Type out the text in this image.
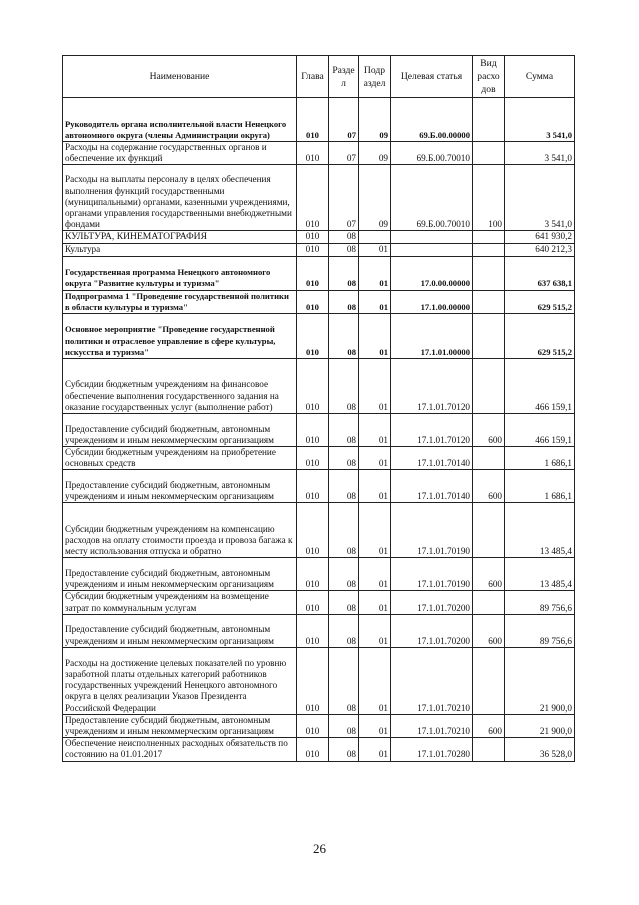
Наименование	Глава	Разде л	Подр аздел	Целевая статья	Вид расхо дов	Сумма
Руководитель органа исполнительной власти Ненецкого автономного округа (члены Администрации округа)	010	07	09	69.Б.00.00000		3 541,0
Расходы на содержание государственных органов и обеспечение их функций	010	07	09	69.Б.00.70010		3 541,0
Расходы на выплаты персоналу в целях обеспечения выполнения функций государственными (муниципальными) органами, казенными учреждениями, органами управления государственными внебюджетными фондами	010	07	09	69.Б.00.70010	100	3 541,0
КУЛЬТУРА, КИНЕМАТОГРАФИЯ	010	08				641 930,2
Культура	010	08	01			640 212,3
Государственная программа Ненецкого автономного округа "Развитие культуры и туризма"	010	08	01	17.0.00.00000		637 638,1
Подпрограмма 1 "Проведение государственной политики в области культуры и туризма"	010	08	01	17.1.00.00000		629 515,2
Основное мероприятие "Проведение государственной политики и отраслевое управление в сфере культуры, искусства и туризма"	010	08	01	17.1.01.00000		629 515,2
Субсидии бюджетным учреждениям на финансовое обеспечение выполнения государственного задания на оказание государственных услуг (выполнение работ)	010	08	01	17.1.01.70120		466 159,1
Предоставление субсидий бюджетным, автономным учреждениям и иным некоммерческим организациям	010	08	01	17.1.01.70120	600	466 159,1
Субсидии бюджетным учреждениям на приобретение основных средств	010	08	01	17.1.01.70140		1 686,1
Предоставление субсидий бюджетным, автономным учреждениям и иным некоммерческим организациям	010	08	01	17.1.01.70140	600	1 686,1
Субсидии бюджетным учреждениям на компенсацию расходов на оплату стоимости проезда и провоза багажа к месту использования отпуска и обратно	010	08	01	17.1.01.70190		13 485,4
Предоставление субсидий бюджетным, автономным учреждениям и иным некоммерческим организациям	010	08	01	17.1.01.70190	600	13 485,4
Субсидии бюджетным учреждениям на возмещение затрат по коммунальным услугам	010	08	01	17.1.01.70200		89 756,6
Предоставление субсидий бюджетным, автономным учреждениям и иным некоммерческим организациям	010	08	01	17.1.01.70200	600	89 756,6
Расходы на достижение целевых показателей по уровню заработной платы отдельных категорий работников государственных учреждений Ненецкого автономного округа в целях реализации Указов Президента Российской Федерации	010	08	01	17.1.01.70210		21 900,0
Предоставление субсидий бюджетным, автономным учреждениям и иным некоммерческим организациям	010	08	01	17.1.01.70210	600	21 900,0
Обеспечение неисполненных расходных обязательств по состоянию на 01.01.2017	010	08	01	17.1.01.70280		36 528,0
26
